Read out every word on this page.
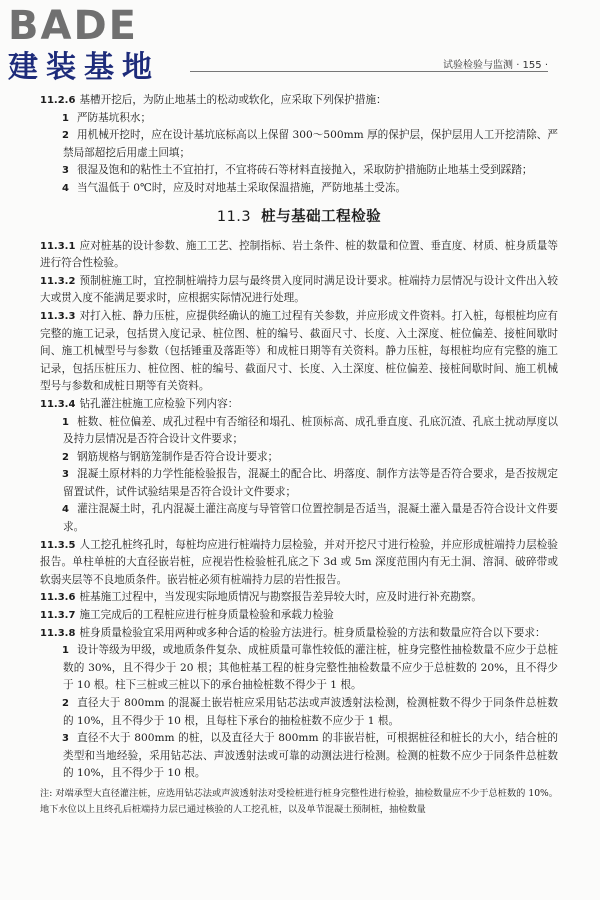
BADE
建装基地	试验检验与监测 · 155 ·

11.2.6 基槽开挖后，为防止地基土的松动或软化，应采取下列保护措施：

1 严防基坑积水；

2 用机械开挖时，应在设计基坑底标高以上保留 300～500mm 厚的保护层，保护层用人工开挖清除、严禁局部超挖后用虚土回填；

3 很湿及饱和的粘性土不宜拍打，不宜将砖石等材料直接抛入，采取防护措施防止地基土受到踩踏；

4 当气温低于 0℃时，应及时对地基土采取保温措施，严防地基土受冻。

11.3 桩与基础工程检验

11.3.1 应对桩基的设计参数、施工工艺、控制指标、岩土条件、桩的数量和位置、垂直度、材质、桩身质量等进行符合性检验。

11.3.2 预制桩施工时，宜控制桩端持力层与最终贯入度同时满足设计要求。桩端持力层情况与设计文件出入较大或贯入度不能满足要求时，应根据实际情况进行处理。

11.3.3 对打入桩、静力压桩，应提供经确认的施工过程有关参数，并应形成文件资料。打入桩，每根桩均应有完整的施工记录，包括贯入度记录、桩位图、桩的编号、截面尺寸、长度、入土深度、桩位偏差、接桩间歇时间、施工机械型号与参数（包括锤重及落距等）和成桩日期等有关资料。静力压桩，每根桩均应有完整的施工记录，包括压桩压力、桩位图、桩的编号、截面尺寸、长度、入土深度、桩位偏差、接桩间歇时间、施工机械型号与参数和成桩日期等有关资料。

11.3.4 钻孔灌注桩施工应检验下列内容：

1 桩数、桩位偏差、成孔过程中有否缩径和塌孔、桩顶标高、成孔垂直度、孔底沉渣、孔底土扰动厚度以及持力层情况是否符合设计文件要求；

2 钢筋规格与钢筋笼制作是否符合设计要求；

3 混凝土原材料的力学性能检验报告，混凝土的配合比、坍落度、制作方法等是否符合要求，是否按规定留置试件，试件试验结果是否符合设计文件要求；

4 灌注混凝土时，孔内混凝土灌注高度与导管管口位置控制是否适当，混凝土灌入量是否符合设计文件要求。

11.3.5 人工挖孔桩终孔时，每桩均应进行桩端持力层检验，并对开挖尺寸进行检验，并应形成桩端持力层检验报告。单柱单桩的大直径嵌岩桩，应视岩性检验桩孔底之下 3d 或 5m 深度范围内有无土洞、溶洞、破碎带或软弱夹层等不良地质条件。嵌岩桩必须有桩端持力层的岩性报告。

11.3.6 桩基施工过程中，当发现实际地质情况与勘察报告差异较大时，应及时进行补充勘察。

11.3.7 施工完成后的工程桩应进行桩身质量检验和承载力检验

11.3.8 桩身质量检验宜采用两种或多种合适的检验方法进行。桩身质量检验的方法和数量应符合以下要求：

1 设计等级为甲级，或地质条件复杂、成桩质量可靠性较低的灌注桩，桩身完整性抽检数量不应少于总桩数的 30%，且不得少于 20 根；其他桩基工程的桩身完整性抽检数量不应少于总桩数的 20%，且不得少于 10 根。柱下三桩或三桩以下的承台抽检桩数不得少于 1 根。

2 直径大于 800mm 的混凝土嵌岩桩应采用钻芯法或声波透射法检测，检测桩数不得少于同条件总桩数的 10%，且不得少于 10 根，且每柱下承台的抽检桩数不应少于 1 根。

3 直径不大于 800mm 的桩，以及直径大于 800mm 的非嵌岩桩，可根据桩径和桩长的大小，结合桩的类型和当地经验，采用钻芯法、声波透射法或可靠的动测法进行检测。检测的桩数不应少于同条件总桩数的 10%，且不得少于 10 根。

注: 对端承型大直径灌注桩，应选用钻芯法或声波透射法对受检桩进行桩身完整性进行检验，抽检数量应不少于总桩数的 10%。地下水位以上且终孔后桩端持力层已通过核验的人工挖孔桩，以及单节混凝土预制桩，抽检数量
